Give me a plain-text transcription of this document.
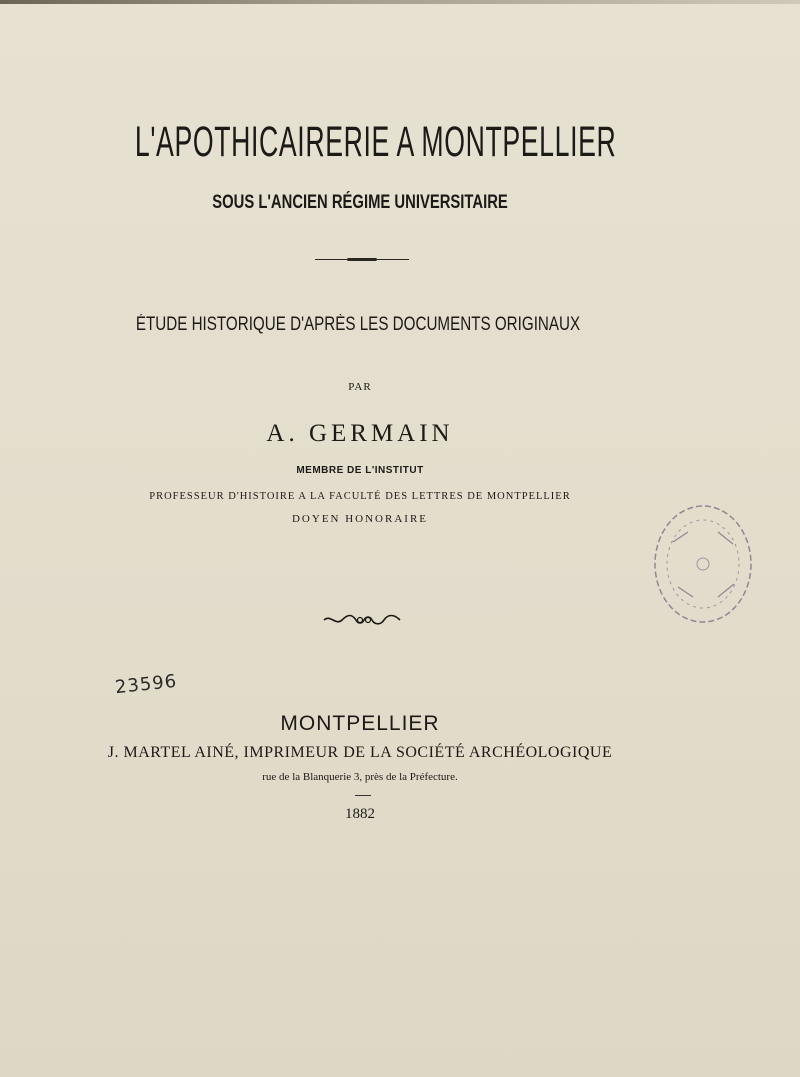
L'APOTHICAIRERIE A MONTPELLIER
SOUS L'ANCIEN RÉGIME UNIVERSITAIRE
ÉTUDE HISTORIQUE D'APRÈS LES DOCUMENTS ORIGINAUX
PAR
A. GERMAIN
MEMBRE DE L'INSTITUT
PROFESSEUR D'HISTOIRE A LA FACULTÉ DES LETTRES DE MONTPELLIER
DOYEN HONORAIRE
23596
MONTPELLIER
J. MARTEL AINÉ, IMPRIMEUR DE LA SOCIÉTÉ ARCHÉOLOGIQUE
rue de la Blanquerie 3, près de la Préfecture.
1882
